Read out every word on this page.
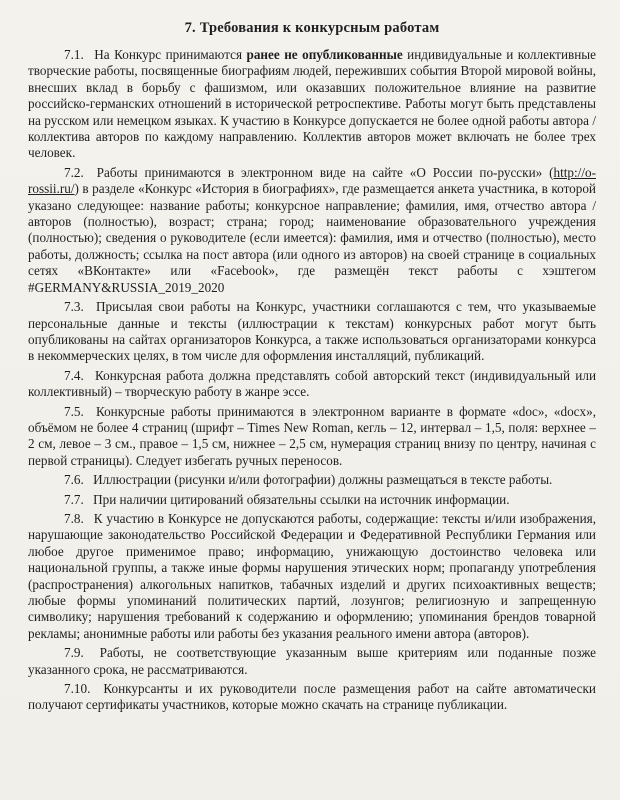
7. Требования к конкурсным работам

7.1. На Конкурс принимаются ранее не опубликованные индивидуальные и коллективные творческие работы, посвященные биографиям людей, переживших события Второй мировой войны, внесших вклад в борьбу с фашизмом, или оказавших положительное влияние на развитие российско-германских отношений в исторической ретроспективе. Работы могут быть представлены на русском или немецком языках. К участию в Конкурсе допускается не более одной работы автора / коллектива авторов по каждому направлению. Коллектив авторов может включать не более трех человек.

7.2. Работы принимаются в электронном виде на сайте «О России по-русски» (http://o-rossii.ru/) в разделе «Конкурс «История в биографиях», где размещается анкета участника, в которой указано следующее: название работы; конкурсное направление; фамилия, имя, отчество автора / авторов (полностью), возраст; страна; город; наименование образовательного учреждения (полностью); сведения о руководителе (если имеется): фамилия, имя и отчество (полностью), место работы, должность; ссылка на пост автора (или одного из авторов) на своей странице в социальных сетях «ВКонтакте» или «Facebook», где размещён текст работы с хэштегом #GERMANY&RUSSIA_2019_2020

7.3. Присылая свои работы на Конкурс, участники соглашаются с тем, что указываемые персональные данные и тексты (иллюстрации к текстам) конкурсных работ могут быть опубликованы на сайтах организаторов Конкурса, а также использоваться организаторами конкурса в некоммерческих целях, в том числе для оформления инсталляций, публикаций.

7.4. Конкурсная работа должна представлять собой авторский текст (индивидуальный или коллективный) – творческую работу в жанре эссе.

7.5. Конкурсные работы принимаются в электронном варианте в формате «doc», «docx», объёмом не более 4 страниц (шрифт – Times New Roman, кегль – 12, интервал – 1,5, поля: верхнее – 2 см, левое – 3 см., правое – 1,5 см, нижнее – 2,5 см, нумерация страниц внизу по центру, начиная с первой страницы). Следует избегать ручных переносов.

7.6. Иллюстрации (рисунки и/или фотографии) должны размещаться в тексте работы.

7.7. При наличии цитирований обязательны ссылки на источник информации.

7.8. К участию в Конкурсе не допускаются работы, содержащие: тексты и/или изображения, нарушающие законодательство Российской Федерации и Федеративной Республики Германия или любое другое применимое право; информацию, унижающую достоинство человека или национальной группы, а также иные формы нарушения этических норм; пропаганду употребления (распространения) алкогольных напитков, табачных изделий и других психоактивных веществ; любые формы упоминаний политических партий, лозунгов; религиозную и запрещенную символику; нарушения требований к содержанию и оформлению; упоминания брендов товарной рекламы; анонимные работы или работы без указания реального имени автора (авторов).

7.9. Работы, не соответствующие указанным выше критериям или поданные позже указанного срока, не рассматриваются.

7.10. Конкурсанты и их руководители после размещения работ на сайте автоматически получают сертификаты участников, которые можно скачать на странице публикации.
